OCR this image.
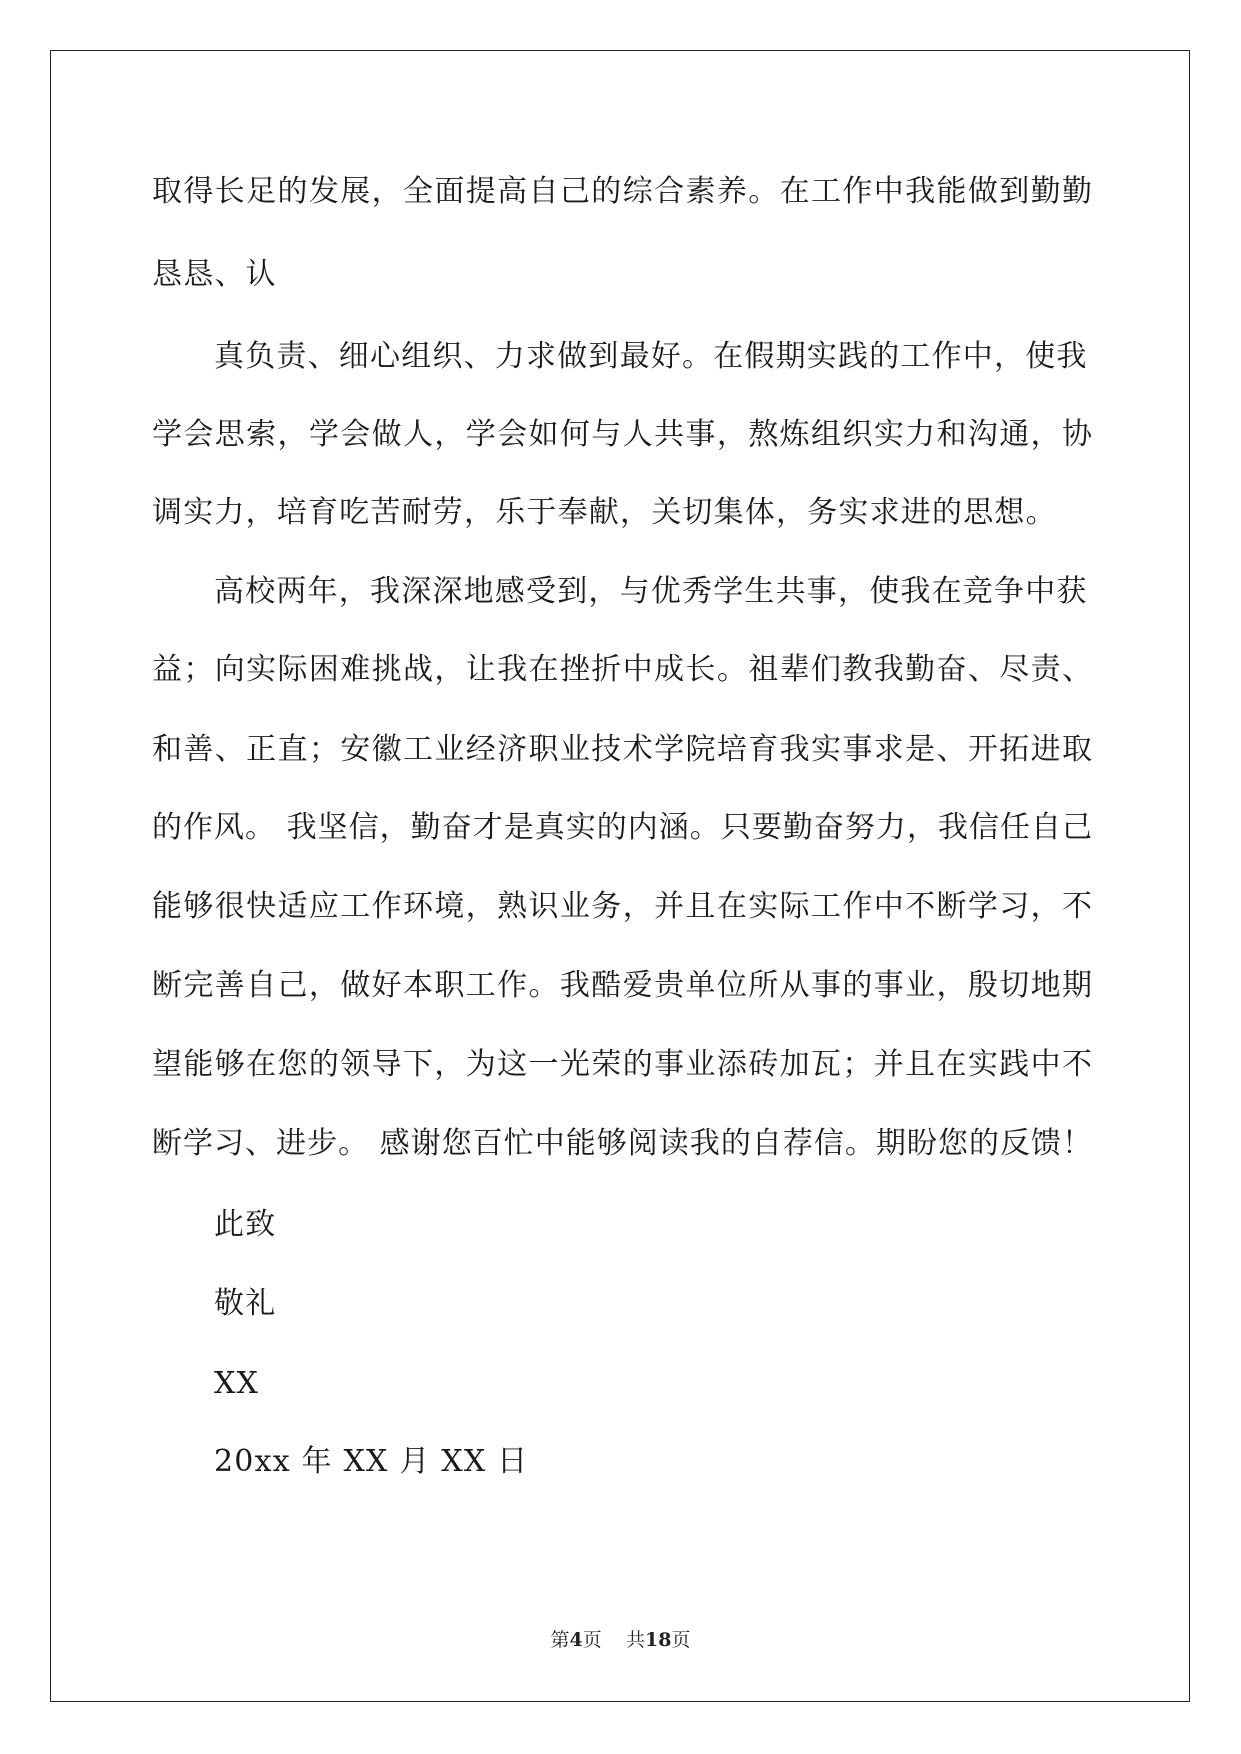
取得长足的发展，全面提高自己的综合素养。在工作中我能做到勤勤
恳恳、认
真负责、细心组织、力求做到最好。在假期实践的工作中，使我
学会思索，学会做人，学会如何与人共事，熬炼组织实力和沟通，协
调实力，培育吃苦耐劳，乐于奉献，关切集体，务实求进的思想。
高校两年，我深深地感受到，与优秀学生共事，使我在竞争中获
益；向实际困难挑战，让我在挫折中成长。祖辈们教我勤奋、尽责、
和善、正直；安徽工业经济职业技术学院培育我实事求是、开拓进取
的作风。 我坚信，勤奋才是真实的内涵。只要勤奋努力，我信任自己
能够很快适应工作环境，熟识业务，并且在实际工作中不断学习，不
断完善自己，做好本职工作。我酷爱贵单位所从事的事业，殷切地期
望能够在您的领导下，为这一光荣的事业添砖加瓦；并且在实践中不
断学习、进步。 感谢您百忙中能够阅读我的自荐信。期盼您的反馈！
此致
敬礼
XX
20xx 年 XX 月 XX 日
第4页 共18页
